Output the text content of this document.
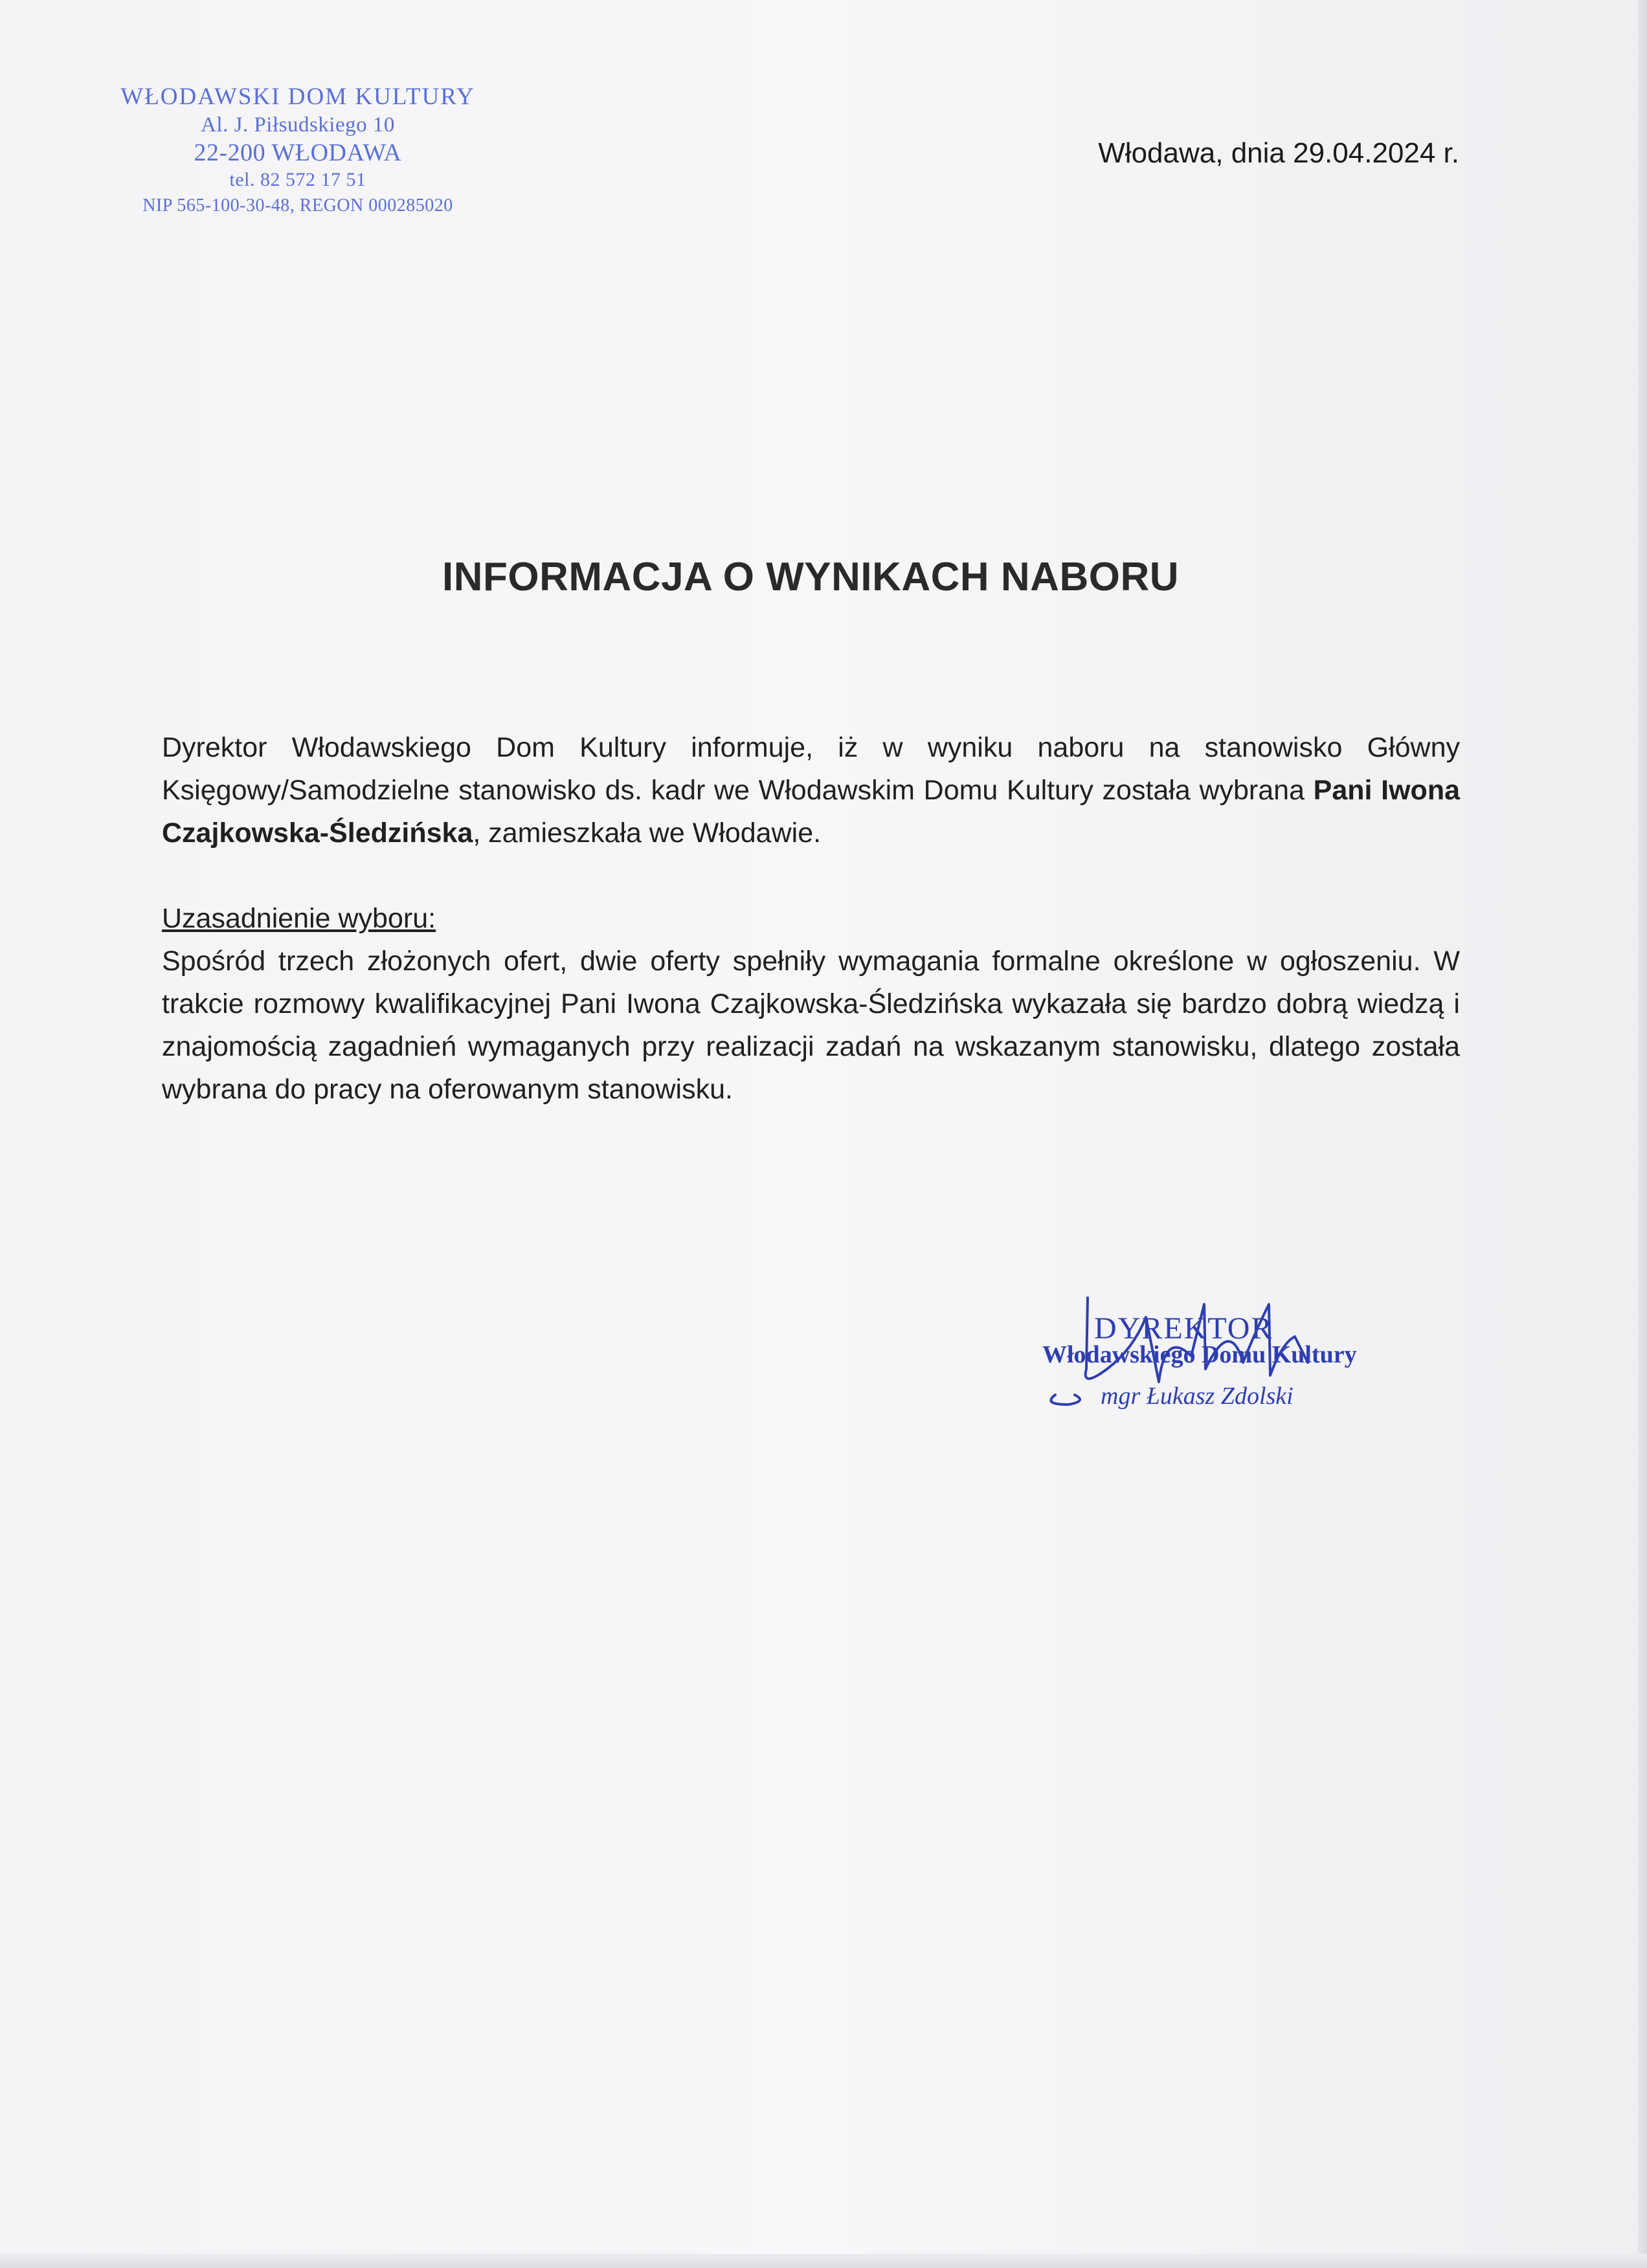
WŁODAWSKI DOM KULTURY
Al. J. Piłsudskiego 10
22-200 WŁODAWA
tel. 82 572 17 51
NIP 565-100-30-48, REGON 000285020
Włodawa, dnia 29.04.2024 r.
INFORMACJA O WYNIKACH NABORU

Dyrektor Włodawskiego Dom Kultury informuje, iż w wyniku naboru na stanowisko Główny Księgowy/Samodzielne stanowisko ds. kadr we Włodawskim Domu Kultury została wybrana Pani Iwona Czajkowska-Śledzińska, zamieszkała we Włodawie.

Uzasadnienie wyboru:

Spośród trzech złożonych ofert, dwie oferty spełniły wymagania formalne określone w ogłoszeniu. W trakcie rozmowy kwalifikacyjnej Pani Iwona Czajkowska-Śledzińska wykazała się bardzo dobrą wiedzą i znajomością zagadnień wymaganych przy realizacji zadań na wskazanym stanowisku, dlatego została wybrana do pracy na oferowanym stanowisku.

DYREKTOR
Włodawskiego Domu Kultury
mgr Łukasz Zdolski
